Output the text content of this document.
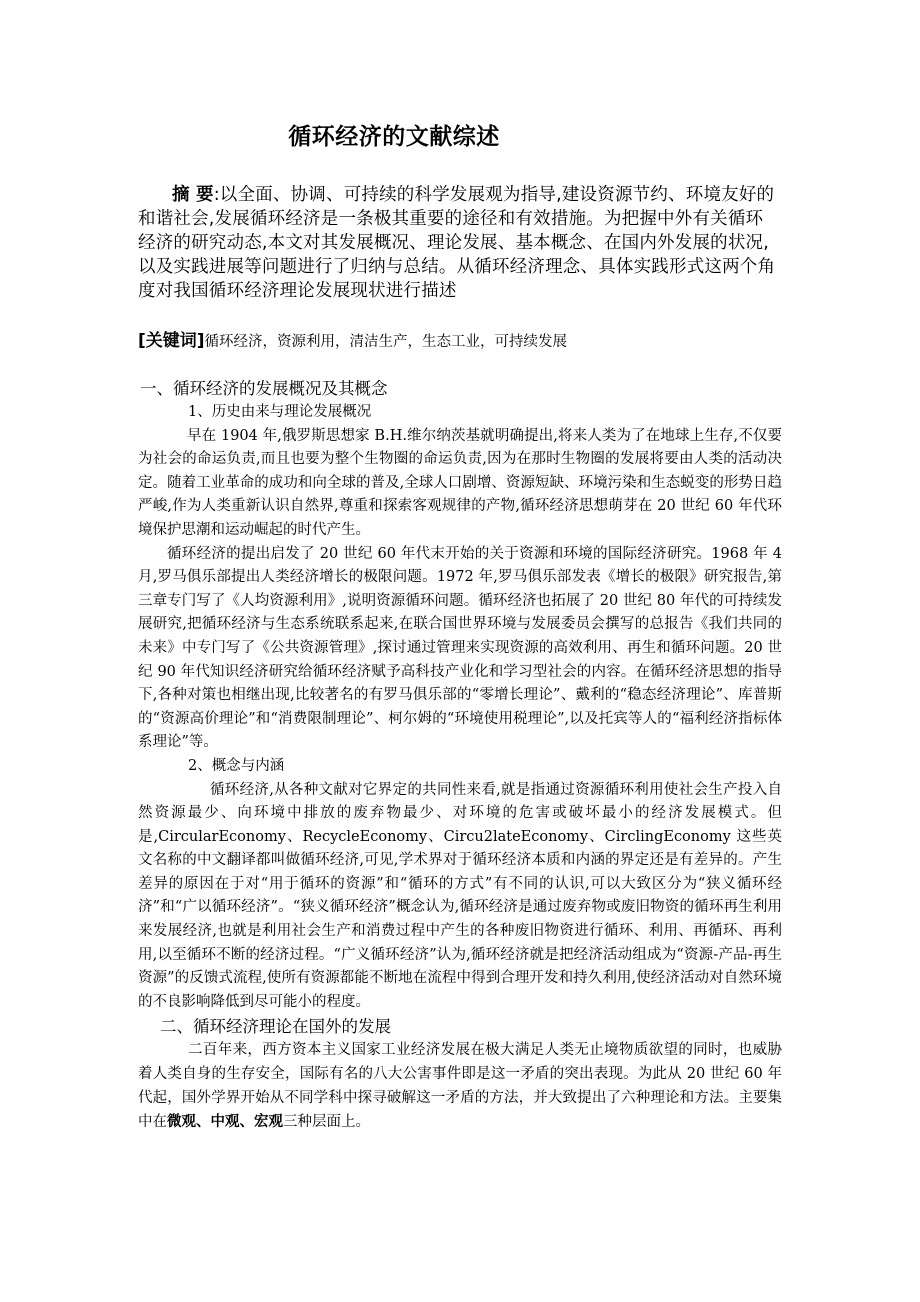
循环经济的文献综述

摘 要:以全面、协调、可持续的科学发展观为指导,建设资源节约、环境友好的和谐社会,发展循环经济是一条极其重要的途径和有效措施。为把握中外有关循环经济的研究动态,本文对其发展概况、理论发展、基本概念、在国内外发展的状况,以及实践进展等问题进行了归纳与总结。从循环经济理念、具体实践形式这两个角度对我国循环经济理论发展现状进行描述

[关键词]循环经济，资源利用，清洁生产，生态工业，可持续发展

一、循环经济的发展概况及其概念

1、历史由来与理论发展概况

早在 1904 年,俄罗斯思想家 B.H.维尔纳茨基就明确提出,将来人类为了在地球上生存,不仅要为社会的命运负责,而且也要为整个生物圈的命运负责,因为在那时生物圈的发展将要由人类的活动决定。随着工业革命的成功和向全球的普及,全球人口剧增、资源短缺、环境污染和生态蜕变的形势日趋严峻,作为人类重新认识自然界,尊重和探索客观规律的产物,循环经济思想萌芽在 20 世纪 60 年代环境保护思潮和运动崛起的时代产生。

循环经济的提出启发了 20 世纪 60 年代末开始的关于资源和环境的国际经济研究。1968 年 4 月,罗马俱乐部提出人类经济增长的极限问题。1972 年,罗马俱乐部发表《增长的极限》研究报告,第三章专门写了《人均资源利用》,说明资源循环问题。循环经济也拓展了 20 世纪 80 年代的可持续发展研究,把循环经济与生态系统联系起来,在联合国世界环境与发展委员会撰写的总报告《我们共同的未来》中专门写了《公共资源管理》,探讨通过管理来实现资源的高效利用、再生和循环问题。20 世纪 90 年代知识经济研究给循环经济赋予高科技产业化和学习型社会的内容。在循环经济思想的指导下,各种对策也相继出现,比较著名的有罗马俱乐部的“零增长理论”、戴利的“稳态经济理论”、库普斯的“资源高价理论”和“消费限制理论”、柯尔姆的“环境使用税理论”,以及托宾等人的“福利经济指标体系理论”等。

2、概念与内涵

循环经济,从各种文献对它界定的共同性来看,就是指通过资源循环利用使社会生产投入自然资源最少、向环境中排放的废弃物最少、对环境的危害或破坏最小的经济发展模式。但是,CircularEconomy、RecycleEconomy、Circu2lateEconomy、CirclingEconomy 这些英文名称的中文翻译都叫做循环经济,可见,学术界对于循环经济本质和内涵的界定还是有差异的。产生差异的原因在于对“用于循环的资源”和“循环的方式”有不同的认识,可以大致区分为“狭义循环经济”和“广以循环经济”。“狭义循环经济”概念认为,循环经济是通过废弃物或废旧物资的循环再生利用来发展经济,也就是利用社会生产和消费过程中产生的各种废旧物资进行循环、利用、再循环、再利用,以至循环不断的经济过程。“广义循环经济”认为,循环经济就是把经济活动组成为“资源-产品-再生资源”的反馈式流程,使所有资源都能不断地在流程中得到合理开发和持久利用,使经济活动对自然环境的不良影响降低到尽可能小的程度。

二、循环经济理论在国外的发展

二百年来，西方资本主义国家工业经济发展在极大满足人类无止境物质欲望的同时，也威胁着人类自身的生存安全，国际有名的八大公害事件即是这一矛盾的突出表现。为此从 20 世纪 60 年代起，国外学界开始从不同学科中探寻破解这一矛盾的方法，并大致提出了六种理论和方法。主要集中在微观、中观、宏观三种层面上。
